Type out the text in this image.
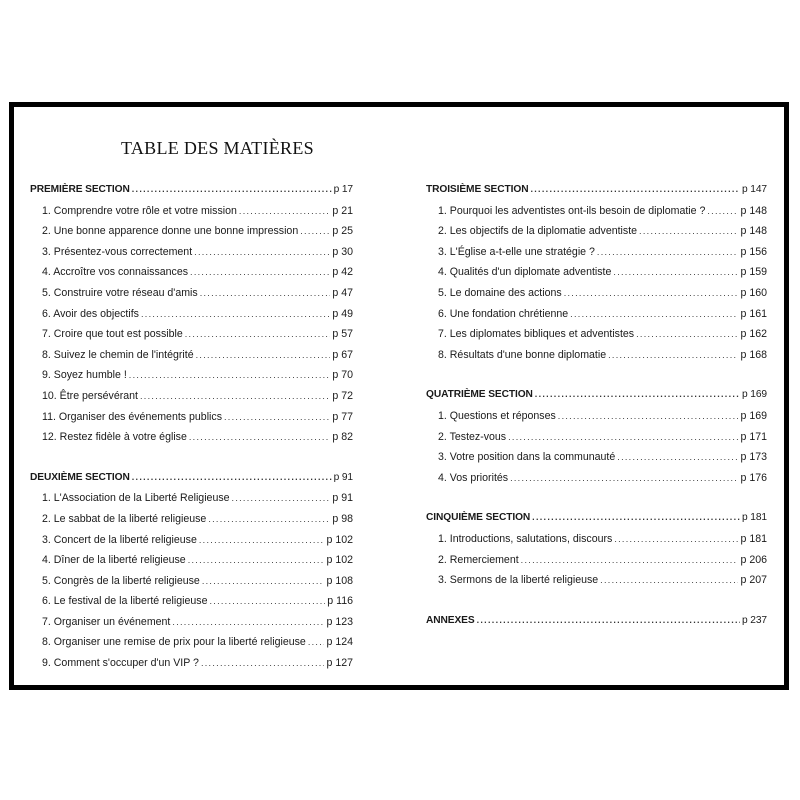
TABLE DES MATIÈRES
PREMIÈRE SECTION .....	p 17
1. Comprendre votre rôle et votre mission .....	p 21
2. Une bonne apparence donne une bonne impression .....	p 25
3. Présentez-vous correctement .....	p 30
4. Accroître vos connaissances .....	p 42
5. Construire votre réseau d'amis .....	p 47
6. Avoir des objectifs .....	p 49
7. Croire que tout est possible .....	p 57
8. Suivez le chemin de l'intégrité .....	p 67
9. Soyez humble ! .....	p 70
10. Être persévérant .....	p 72
11. Organiser des événements publics .....	p 77
12. Restez fidèle à votre église .....	p 82
DEUXIÈME SECTION .....	p 91
1. L'Association de la Liberté Religieuse .....	p 91
2. Le sabbat de la liberté religieuse .....	p 98
3. Concert de la liberté religieuse .....	p 102
4. Dîner de la liberté religieuse .....	p 102
5. Congrès de la liberté religieuse .....	p 108
6. Le festival de la liberté religieuse .....	p 116
7. Organiser un événement .....	p 123
8. Organiser une remise de prix pour la liberté religieuse ..... p 124
9. Comment s'occuper d'un VIP ? .....	p 127
TROISIÈME SECTION .....	p 147
1. Pourquoi les adventistes ont-ils besoin de diplomatie ? .....	p 148
2. Les objectifs de la diplomatie adventiste .....	p 148
3. L'Église a-t-elle une stratégie ? .....	p 156
4. Qualités d'un diplomate adventiste .....	p 159
5. Le domaine des actions .....	p 160
6. Une fondation chrétienne .....	p 161
7. Les diplomates bibliques et adventistes .....	p 162
8. Résultats d'une bonne diplomatie .....	p 168
QUATRIÈME SECTION .....	p 169
1. Questions et réponses .....	p 169
2. Testez-vous .....	p 171
3. Votre position dans la communauté .....	p 173
4. Vos priorités .....	p 176
CINQUIÈME SECTION .....	p 181
1. Introductions, salutations, discours .....	p 181
2. Remerciement .....	p 206
3. Sermons de la liberté religieuse .....	p 207
ANNEXES .....	p 237
